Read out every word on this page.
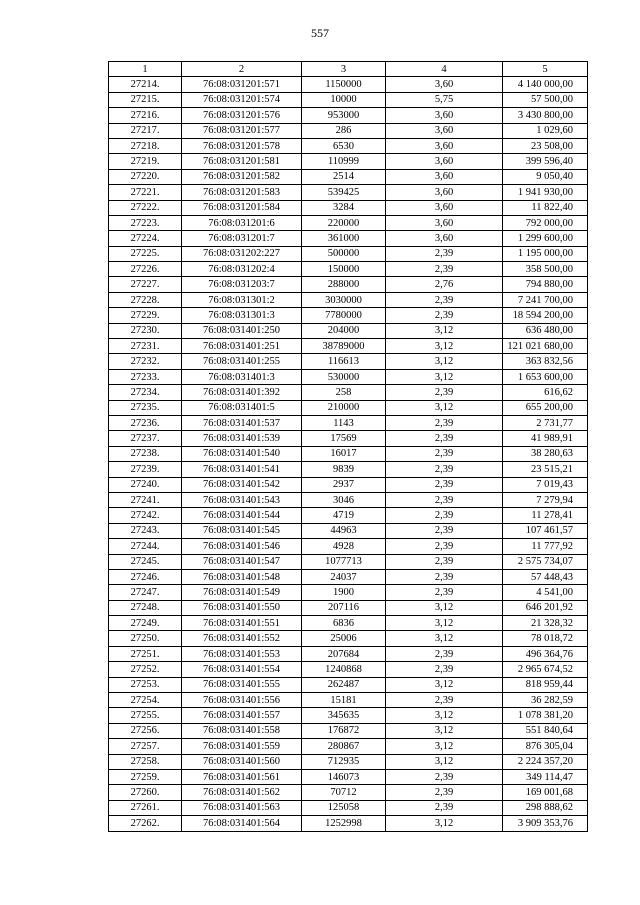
557
1	2	3	4	5
27214.	76:08:031201:571	1150000	3,60	4 140 000,00
27215.	76:08:031201:574	10000	5,75	57 500,00
27216.	76:08:031201:576	953000	3,60	3 430 800,00
27217.	76:08:031201:577	286	3,60	1 029,60
27218.	76:08:031201:578	6530	3,60	23 508,00
27219.	76:08:031201:581	110999	3,60	399 596,40
27220.	76:08:031201:582	2514	3,60	9 050,40
27221.	76:08:031201:583	539425	3,60	1 941 930,00
27222.	76:08:031201:584	3284	3,60	11 822,40
27223.	76:08:031201:6	220000	3,60	792 000,00
27224.	76:08:031201:7	361000	3,60	1 299 600,00
27225.	76:08:031202:227	500000	2,39	1 195 000,00
27226.	76:08:031202:4	150000	2,39	358 500,00
27227.	76:08:031203:7	288000	2,76	794 880,00
27228.	76:08:031301:2	3030000	2,39	7 241 700,00
27229.	76:08:031301:3	7780000	2,39	18 594 200,00
27230.	76:08:031401:250	204000	3,12	636 480,00
27231.	76:08:031401:251	38789000	3,12	121 021 680,00
27232.	76:08:031401:255	116613	3,12	363 832,56
27233.	76:08:031401:3	530000	3,12	1 653 600,00
27234.	76:08:031401:392	258	2,39	616,62
27235.	76:08:031401:5	210000	3,12	655 200,00
27236.	76:08:031401:537	1143	2,39	2 731,77
27237.	76:08:031401:539	17569	2,39	41 989,91
27238.	76:08:031401:540	16017	2,39	38 280,63
27239.	76:08:031401:541	9839	2,39	23 515,21
27240.	76:08:031401:542	2937	2,39	7 019,43
27241.	76:08:031401:543	3046	2,39	7 279,94
27242.	76:08:031401:544	4719	2,39	11 278,41
27243.	76:08:031401:545	44963	2,39	107 461,57
27244.	76:08:031401:546	4928	2,39	11 777,92
27245.	76:08:031401:547	1077713	2,39	2 575 734,07
27246.	76:08:031401:548	24037	2,39	57 448,43
27247.	76:08:031401:549	1900	2,39	4 541,00
27248.	76:08:031401:550	207116	3,12	646 201,92
27249.	76:08:031401:551	6836	3,12	21 328,32
27250.	76:08:031401:552	25006	3,12	78 018,72
27251.	76:08:031401:553	207684	2,39	496 364,76
27252.	76:08:031401:554	1240868	2,39	2 965 674,52
27253.	76:08:031401:555	262487	3,12	818 959,44
27254.	76:08:031401:556	15181	2,39	36 282,59
27255.	76:08:031401:557	345635	3,12	1 078 381,20
27256.	76:08:031401:558	176872	3,12	551 840,64
27257.	76:08:031401:559	280867	3,12	876 305,04
27258.	76:08:031401:560	712935	3,12	2 224 357,20
27259.	76:08:031401:561	146073	2,39	349 114,47
27260.	76:08:031401:562	70712	2,39	169 001,68
27261.	76:08:031401:563	125058	2,39	298 888,62
27262.	76:08:031401:564	1252998	3,12	3 909 353,76
